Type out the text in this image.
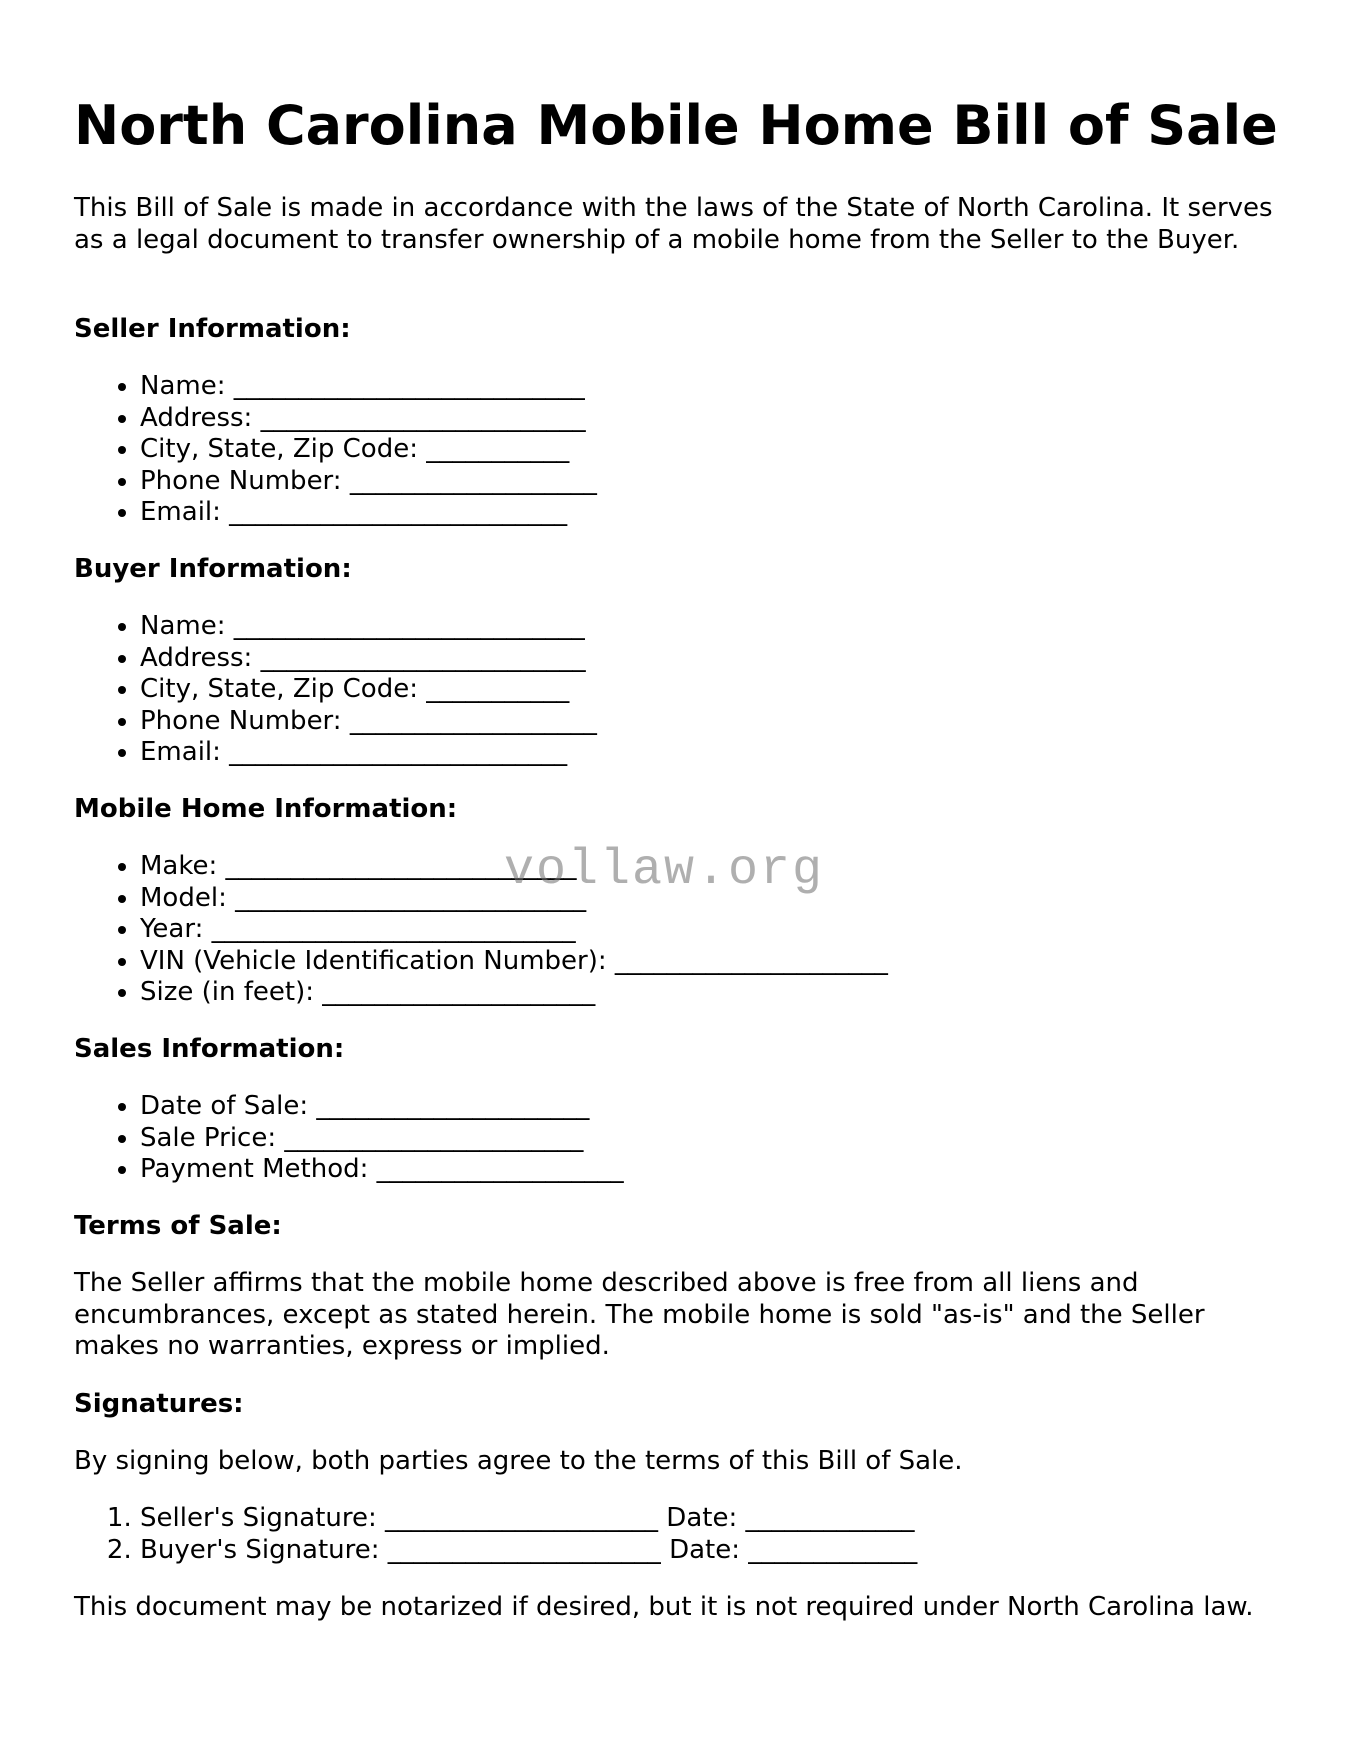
North Carolina Mobile Home Bill of Sale

This Bill of Sale is made in accordance with the laws of the State of North Carolina. It serves as a legal document to transfer ownership of a mobile home from the Seller to the Buyer.

Seller Information:

• Name: ___________________________
• Address: _________________________
• City, State, Zip Code: ___________
• Phone Number: ___________________
• Email: __________________________

Buyer Information:

• Name: ___________________________
• Address: _________________________
• City, State, Zip Code: ___________
• Phone Number: ___________________
• Email: __________________________

Mobile Home Information:

• Make: ___________________________
• Model: ___________________________
• Year: ____________________________
• VIN (Vehicle Identification Number): _____________________
• Size (in feet): _____________________

Sales Information:

• Date of Sale: _____________________
• Sale Price: _______________________
• Payment Method: ___________________

Terms of Sale:

The Seller affirms that the mobile home described above is free from all liens and encumbrances, except as stated herein. The mobile home is sold "as-is" and the Seller makes no warranties, express or implied.

Signatures:

By signing below, both parties agree to the terms of this Bill of Sale.

1. Seller's Signature: _____________________ Date: _____________
2. Buyer's Signature: _____________________ Date: _____________

This document may be notarized if desired, but it is not required under North Carolina law.

vollaw.org
